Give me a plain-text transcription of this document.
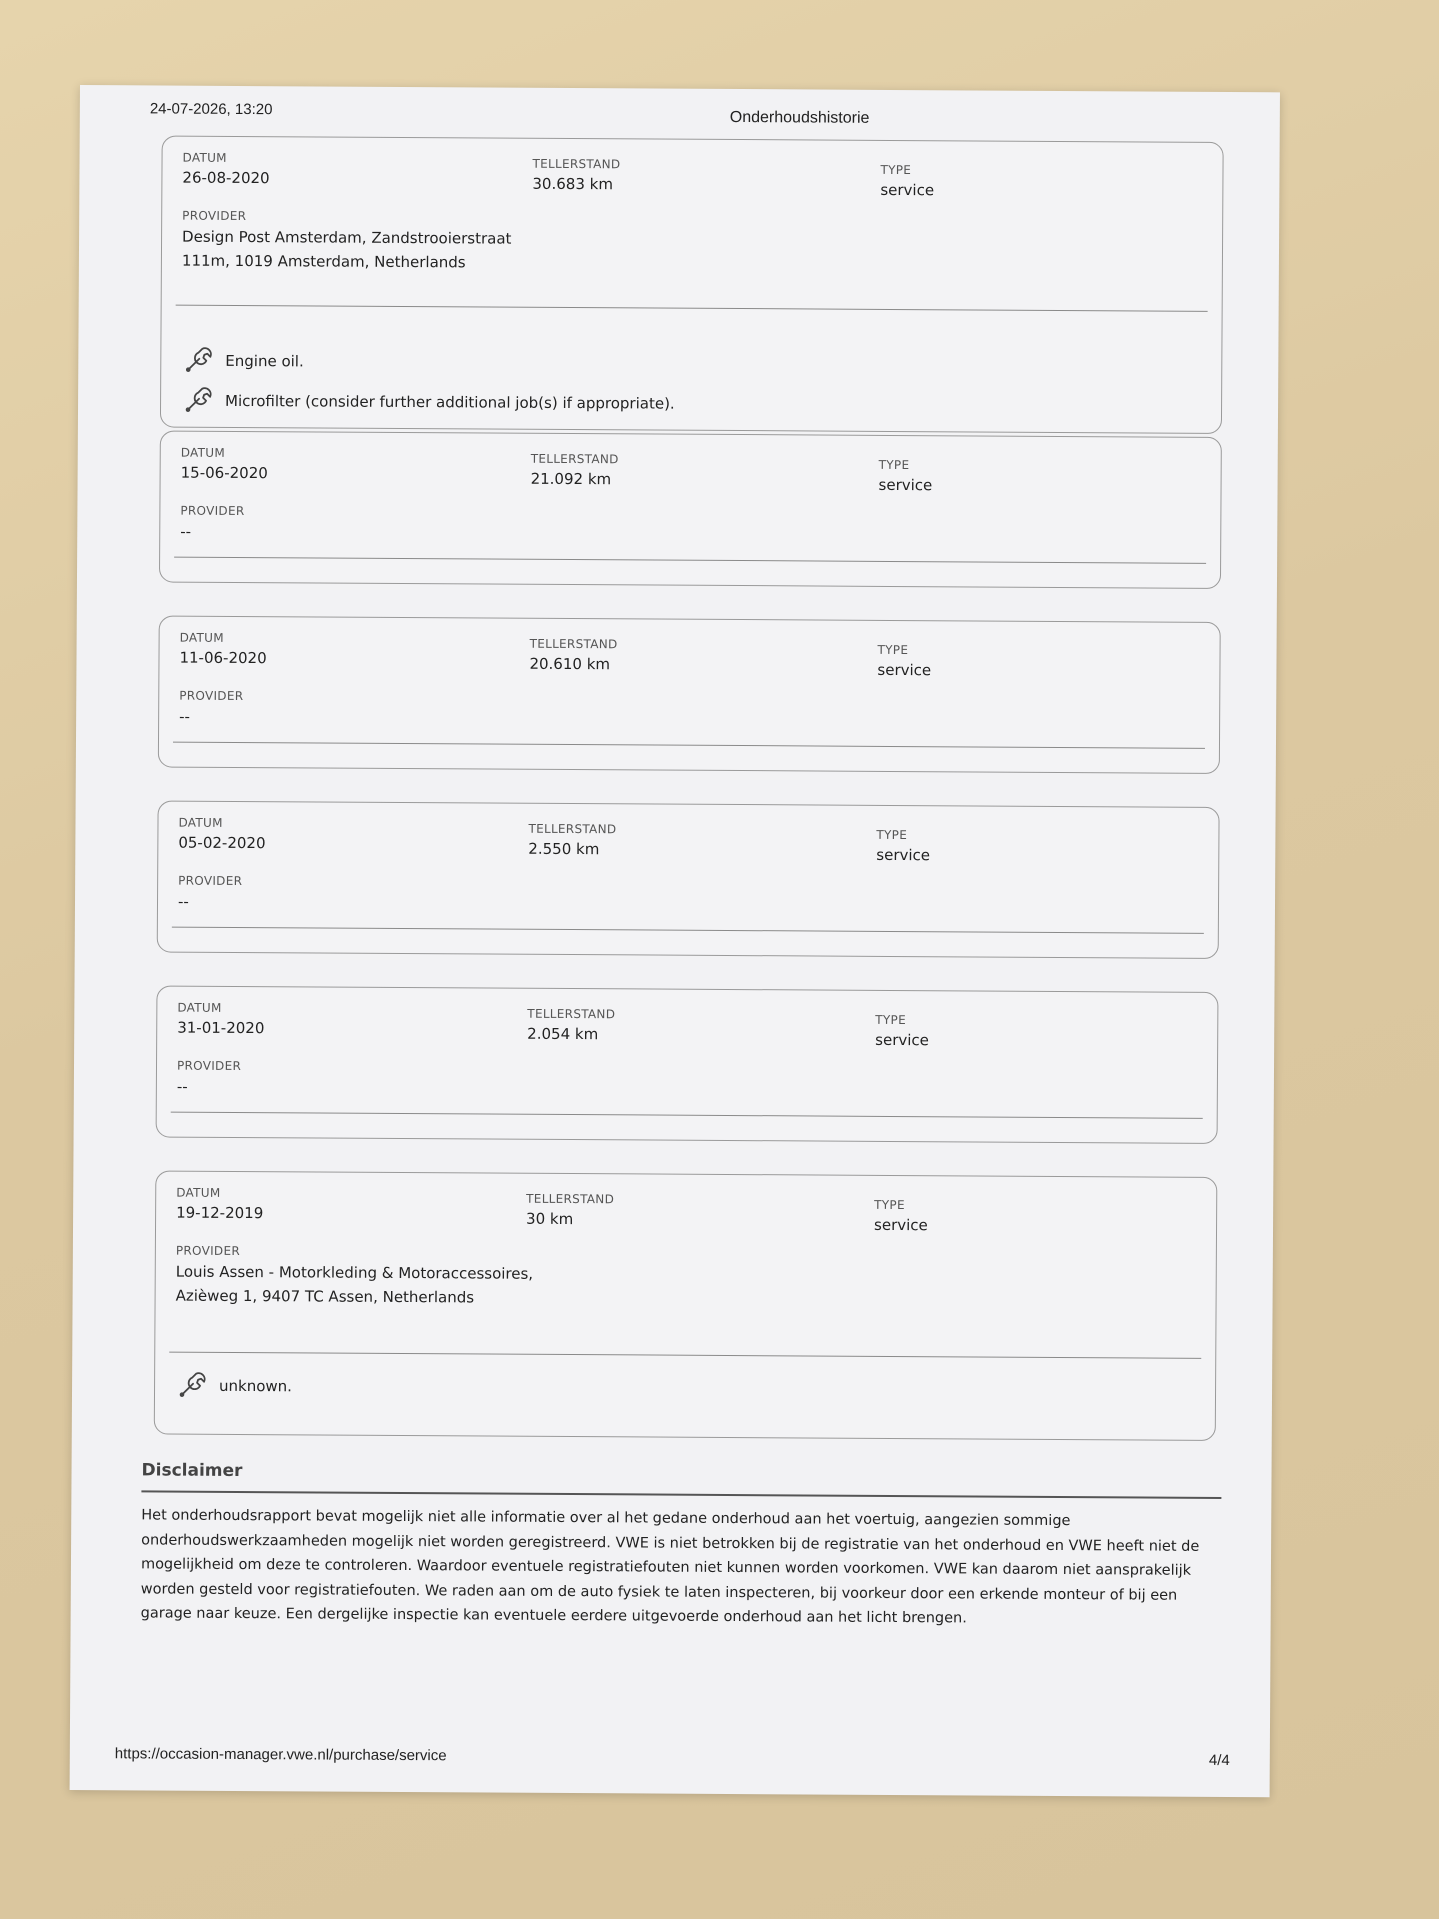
24-07-2026, 13:20	Onderhoudshistorie
DATUM
26-08-2020
TELLERSTAND
30.683 km
TYPE
service
PROVIDER
Design Post Amsterdam, Zandstrooierstraat 111m, 1019 Amsterdam, Netherlands
Engine oil.
Microfilter (consider further additional job(s) if appropriate).
DATUM
15-06-2020
TELLERSTAND
21.092 km
TYPE
service
PROVIDER
--
DATUM
11-06-2020
TELLERSTAND
20.610 km
TYPE
service
PROVIDER
--
DATUM
05-02-2020
TELLERSTAND
2.550 km
TYPE
service
PROVIDER
--
DATUM
31-01-2020
TELLERSTAND
2.054 km
TYPE
service
PROVIDER
--
DATUM
19-12-2019
TELLERSTAND
30 km
TYPE
service
PROVIDER
Louis Assen - Motorkleding & Motoraccessoires, Azièweg 1, 9407 TC Assen, Netherlands
unknown.
Disclaimer
Het onderhoudsrapport bevat mogelijk niet alle informatie over al het gedane onderhoud aan het voertuig, aangezien sommige onderhoudswerkzaamheden mogelijk niet worden geregistreerd. VWE is niet betrokken bij de registratie van het onderhoud en VWE heeft niet de mogelijkheid om deze te controleren. Waardoor eventuele registratiefouten niet kunnen worden voorkomen. VWE kan daarom niet aansprakelijk worden gesteld voor registratiefouten. We raden aan om de auto fysiek te laten inspecteren, bij voorkeur door een erkende monteur of bij een garage naar keuze. Een dergelijke inspectie kan eventuele eerdere uitgevoerde onderhoud aan het licht brengen.
https://occasion-manager.vwe.nl/purchase/service	4/4
